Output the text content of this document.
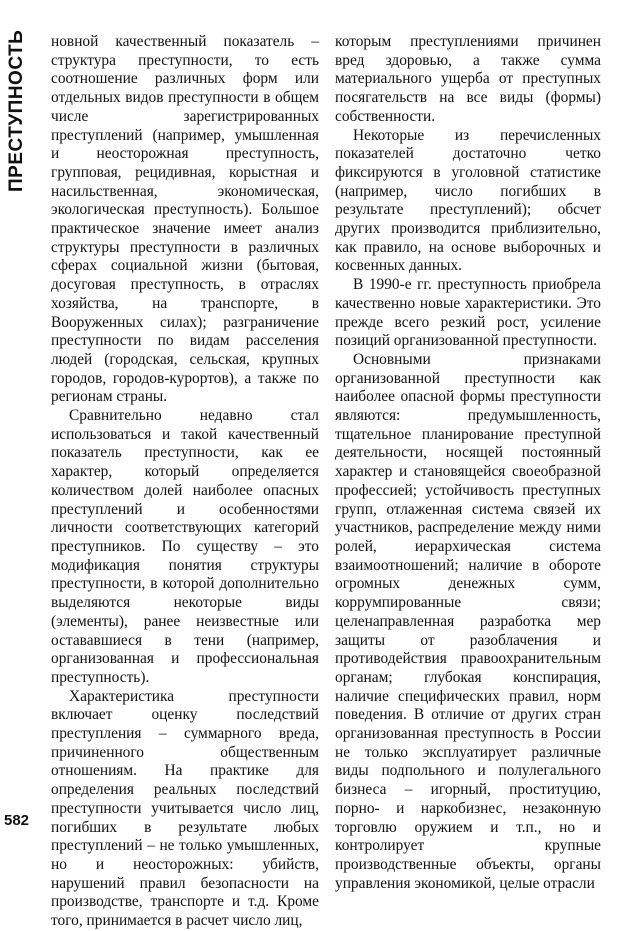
ПРЕСТУПНОСТЬ	новной качественный показатель – структура преступности, то есть соотношение различных форм или отдельных видов преступности в общем числе зарегистрированных преступлений (например, умышленная и неосторожная преступность, групповая, рецидивная, корыстная и насильственная, экономическая, экологическая преступность). Большое практическое значение имеет анализ структуры преступности в различных сферах социальной жизни (бытовая, досуговая преступность, в отраслях хозяйства, на транспорте, в Вооруженных силах); разграничение преступности по видам расселения людей (городская, сельская, крупных городов, городов-курортов), а также по регионам страны.

Сравнительно недавно стал использоваться и такой качественный показатель преступности, как ее характер, который определяется количеством долей наиболее опасных преступлений и особенностями личности соответствующих категорий преступников. По существу – это модификация понятия структуры преступности, в которой дополнительно выделяются некоторые виды (элементы), ранее неизвестные или остававшиеся в тени (например, организованная и профессиональная преступность).

Характеристика преступности включает оценку последствий преступления – суммарного вреда, причиненного общественным отношениям. На практике для определения реальных последствий преступности учитывается число лиц, погибших в результате любых преступлений – не только умышленных, но и неосторожных: убийств, нарушений правил безопасности на производстве, транспорте и т.д. Кроме того, принимается в расчет число лиц,

которым преступлениями причинен вред здоровью, а также сумма материального ущерба от преступных посягательств на все виды (формы) собственности.

Некоторые из перечисленных показателей достаточно четко фиксируются в уголовной статистике (например, число погибших в результате преступлений); обсчет других производится приблизительно, как правило, на основе выборочных и косвенных данных.

В 1990-е гг. преступность приобрела качественно новые характеристики. Это прежде всего резкий рост, усиление позиций организованной преступности.

Основными признаками организованной преступности как наиболее опасной формы преступности являются: предумышленность, тщательное планирование преступной деятельности, носящей постоянный характер и становящейся своеобразной профессией; устойчивость преступных групп, отлаженная система связей их участников, распределение между ними ролей, иерархическая система взаимоотношений; наличие в обороте огромных денежных сумм, коррумпированные связи; целенаправленная разработка мер защиты от разоблачения и противодействия правоохранительным органам; глубокая конспирация, наличие специфических правил, норм поведения. В отличие от других стран организованная преступность в России не только эксплуатирует различные виды подпольного и полулегального бизнеса – игорный, проституцию, порно- и наркобизнес, незаконную торговлю оружием и т.п., но и контролирует крупные производственные объекты, органы управления экономикой, целые отрасли

582
